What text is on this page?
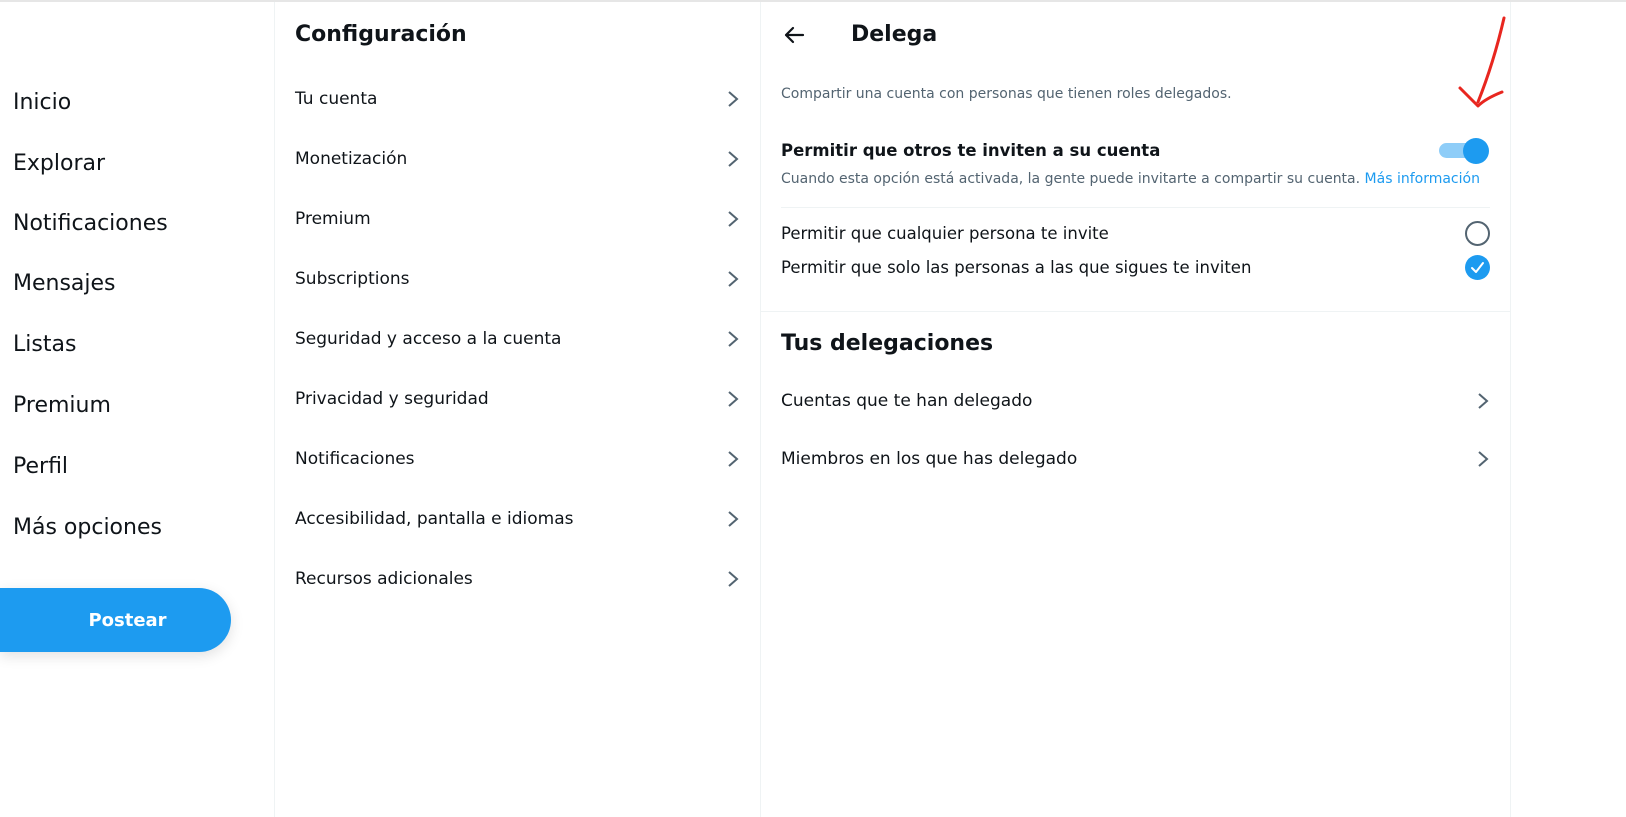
Inicio
Explorar
Notificaciones
Mensajes
Listas
Premium
Perfil
Más opciones
Postear
Configuración
Tu cuenta
Monetización
Premium
Subscriptions
Seguridad y acceso a la cuenta
Privacidad y seguridad
Notificaciones
Accesibilidad, pantalla e idiomas
Recursos adicionales
Delega

Compartir una cuenta con personas que tienen roles delegados.

Permitir que otros te inviten a su cuenta
Cuando esta opción está activada, la gente puede invitarte a compartir su cuenta. Más información
Permitir que cualquier persona te invite
Permitir que solo las personas a las que sigues te inviten
Tus delegaciones
Cuentas que te han delegado
Miembros en los que has delegado
